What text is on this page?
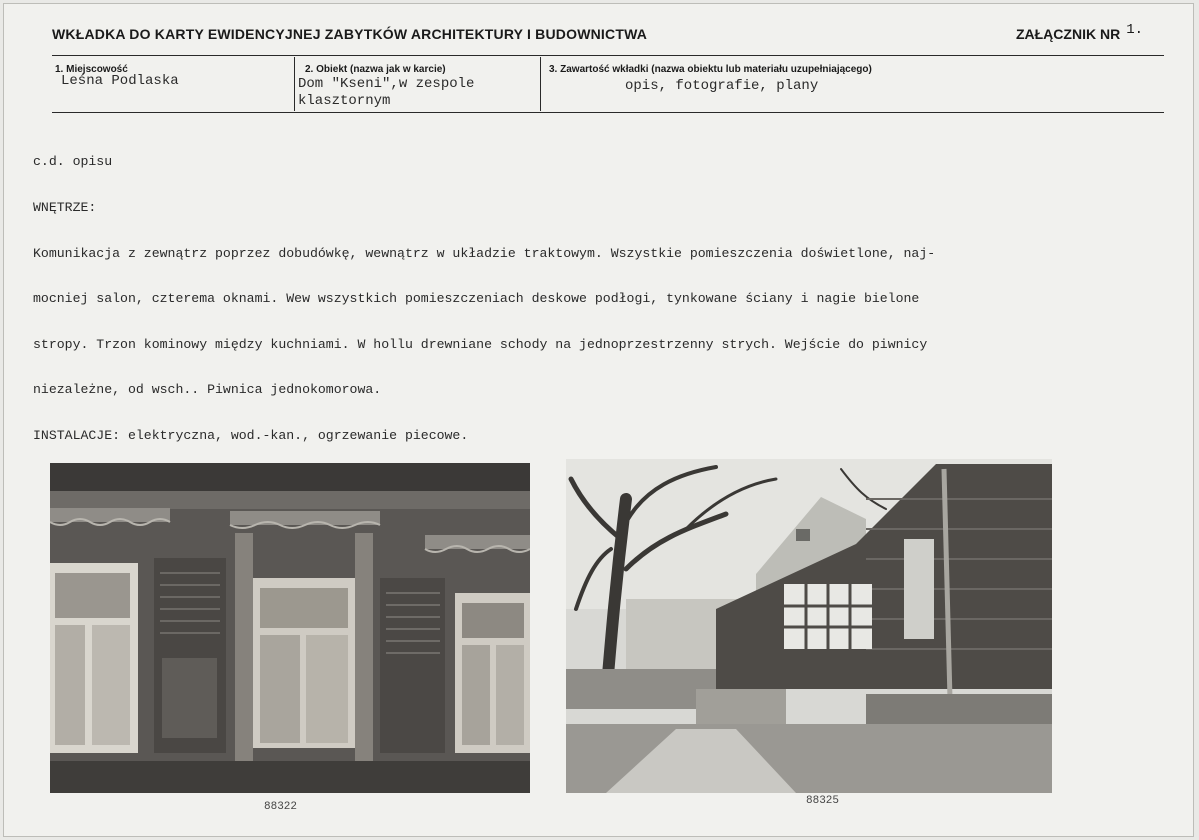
WKŁADKA DO KARTY EWIDENCYJNEJ ZABYTKÓW ARCHITEKTURY I BUDOWNICTWA	ZAŁĄCZNIK NR 1.
1. Miejscowość
Leśna Podlaska
2. Obiekt (nazwa jak w karcie)
Dom "Kseni",w zespole
klasztornym
3. Zawartość wkładki (nazwa obiektu lub materiału uzupełniającego)
opis, fotografie, plany

c.d. opisu

WNĘTRZE:

Komunikacja z zewnątrz poprzez dobudówkę, wewnątrz w układzie traktowym. Wszystkie pomieszczenia doświetlone, naj-

mocniej salon, czterema oknami. Wew wszystkich pomieszczeniach deskowe podłogi, tynkowane ściany i nagie bielone

stropy. Trzon kominowy między kuchniami. W hollu drewniane schody na jednoprzestrzenny strych. Wejście do piwnicy

niezależne, od wsch.. Piwnica jednokomorowa.

INSTALACJE: elektryczna, wod.-kan., ogrzewanie piecowe.

88322	88325
